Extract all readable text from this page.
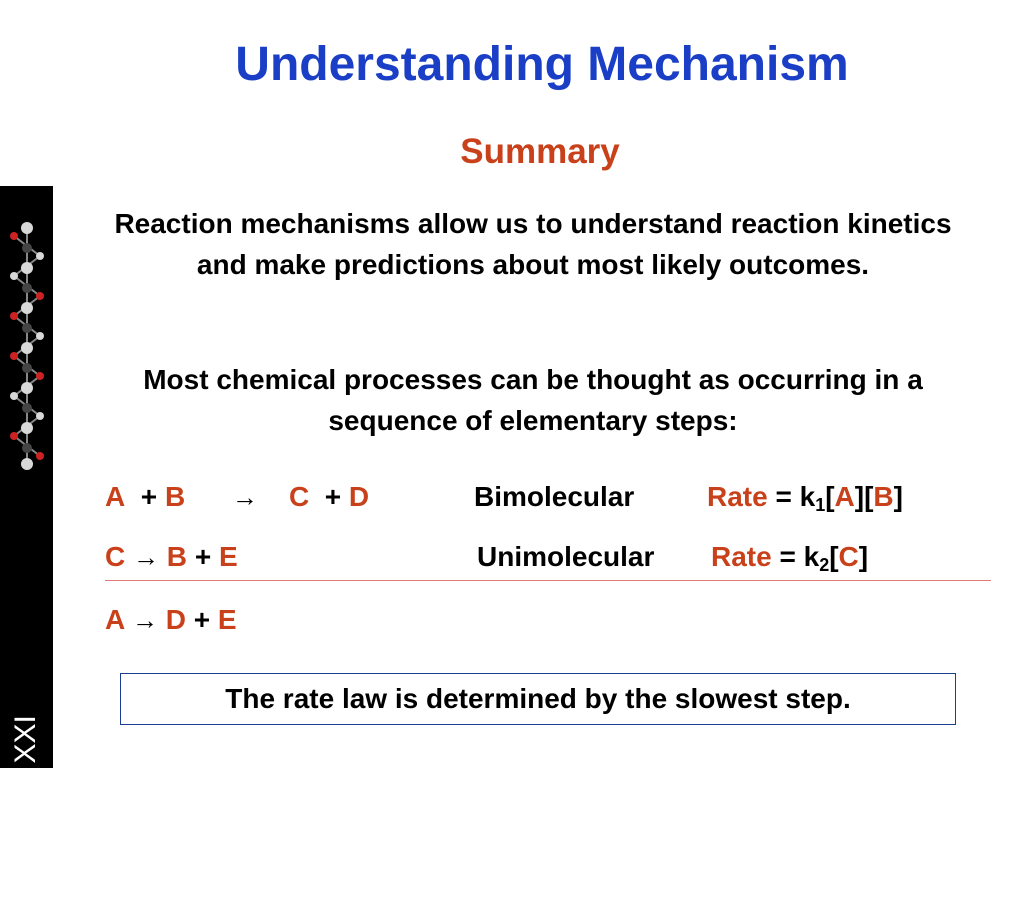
Chemistry XXI
Understanding Mechanism
Summary

Reaction mechanisms allow us to understand reaction kinetics and make predictions about most likely outcomes.

Most chemical processes can be thought as occurring in a sequence of elementary steps:

A + B → C + D	Bimolecular	Rate = $k_1[A][B]$
C → B + E	Unimolecular Rate = $k_2[C]$
A → D + E
The rate law is determined by the slowest step.
